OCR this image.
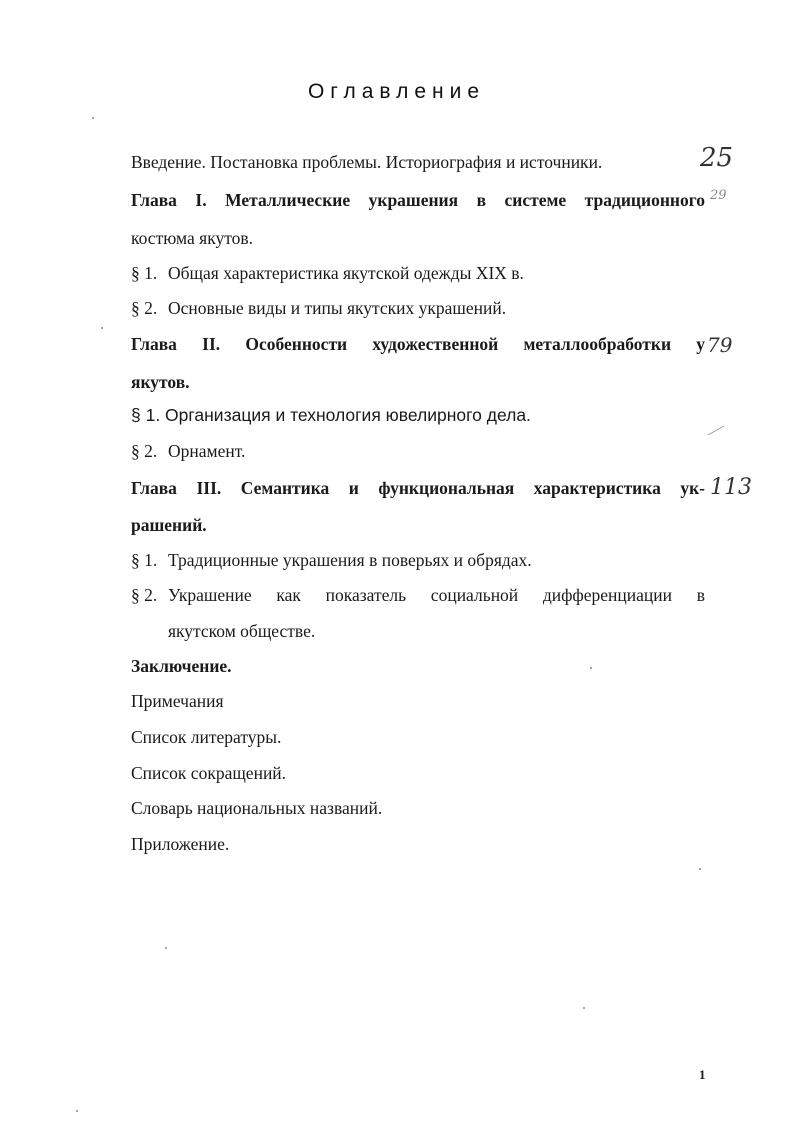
Оглавление
Введение. Постановка проблемы. Историография и источники.	25
Глава I. Металлические украшения в системе традиционного 29
костюма якутов.
§ 1. Общая характеристика якутской одежды XIX в.
§ 2. Основные виды и типы якутских украшений.
Глава II. Особенности художественной металлообработки у 79
якутов.
§ 1. Организация и технология ювелирного дела.
§ 2. Орнамент.
Глава III. Семантика и функциональная характеристика ук- 113
рашений.
§ 1. Традиционные украшения в поверьях и обрядах.
§ 2. Украшение как показатель социальной дифференциации в
якутском обществе.
Заключение.
Примечания
Список литературы.
Список сокращений.
Словарь национальных названий.
Приложение.
1
